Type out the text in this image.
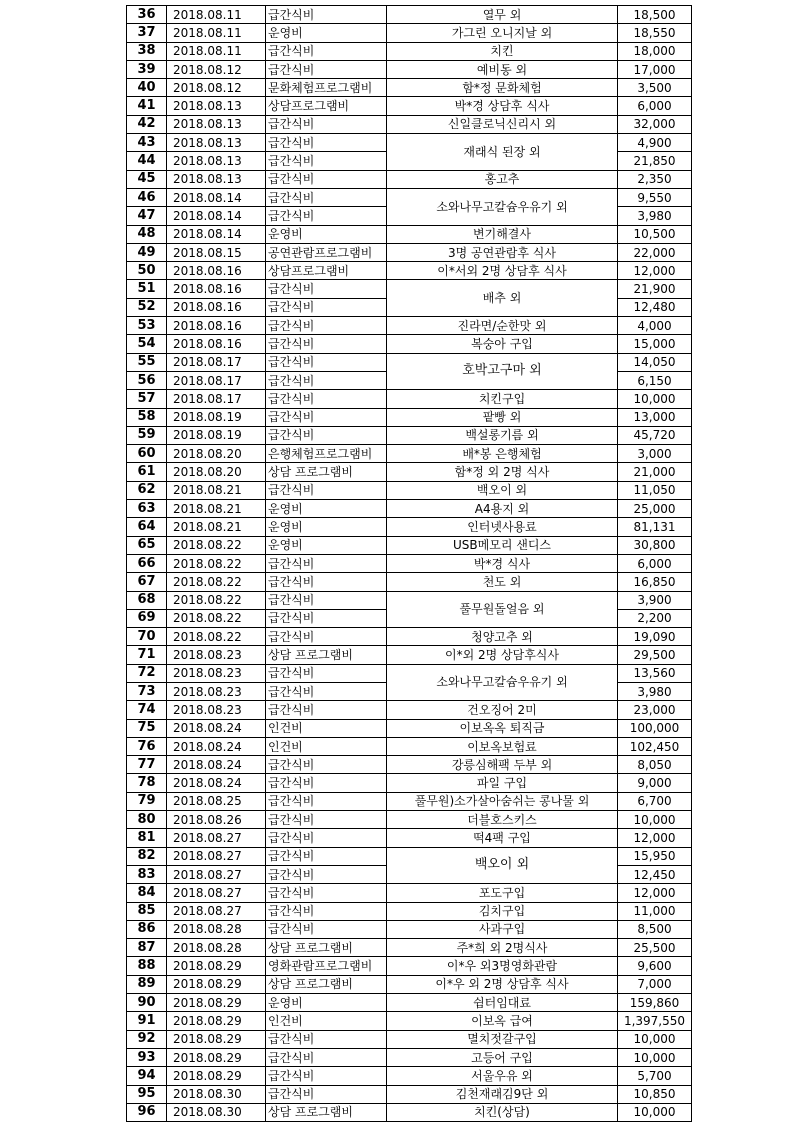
36	2018.08.11	급간식비	열무 외	18,500
37	2018.08.11	운영비	가그린 오니지날 외	18,550
38	2018.08.11	급간식비	치킨	18,000
39	2018.08.12	급간식비	예비동 외	17,000
40	2018.08.12	문화체험프로그램비	함*정 문화체험	3,500
41	2018.08.13	상담프로그램비	박*경 상담후 식사	6,000
42	2018.08.13	급간식비	신일클로닉신리시 외	32,000
43	2018.08.13	급간식비	재래식 된장 외	4,900
44	2018.08.13	급간식비		21,850
45	2018.08.13	급간식비	홍고추	2,350
46	2018.08.14	급간식비	소와나무고칼슘우유기 외	9,550
47	2018.08.14	급간식비		3,980
48	2018.08.14	운영비	변기해결사	10,500
49	2018.08.15	공연관람프로그램비	3명 공연관람후 식사	22,000
50	2018.08.16	상담프로그램비	이*서외 2명 상담후 식사	12,000
51	2018.08.16	급간식비	배추 외	21,900
52	2018.08.16	급간식비		12,480
53	2018.08.16	급간식비	진라면/순한맛 외	4,000
54	2018.08.16	급간식비	복숭아 구입	15,000
55	2018.08.17	급간식비	호박고구마 외	14,050
56	2018.08.17	급간식비		6,150
57	2018.08.17	급간식비	치킨구입	10,000
58	2018.08.19	급간식비	팥빵 외	13,000
59	2018.08.19	급간식비	백설롱기름 외	45,720
60	2018.08.20	은행체험프로그램비	배*봉 은행체험	3,000
61	2018.08.20	상담 프로그램비	함*정 외 2명 식사	21,000
62	2018.08.21	급간식비	백오이 외	11,050
63	2018.08.21	운영비	A4용지 외	25,000
64	2018.08.21	운영비	인터넷사용료	81,131
65	2018.08.22	운영비	USB메모리 샌디스	30,800
66	2018.08.22	급간식비	박*경 식사	6,000
67	2018.08.22	급간식비	천도 외	16,850
68	2018.08.22	급간식비	풀무원돌얼음 외	3,900
69	2018.08.22	급간식비		2,200
70	2018.08.22	급간식비	청양고추 외	19,090
71	2018.08.23	상담 프로그램비	이*외 2명 상담후식사	29,500
72	2018.08.23	급간식비	소와나무고칼슘우유기 외	13,560
73	2018.08.23	급간식비		3,980
74	2018.08.23	급간식비	건오징어 2미	23,000
75	2018.08.24	인건비	이보옥옥 퇴직금	100,000
76	2018.08.24	인건비	이보옥보험료	102,450
77	2018.08.24	급간식비	강릉심해팩 두부 외	8,050
78	2018.08.24	급간식비	파일 구입	9,000
79	2018.08.25	급간식비	풀무원)소가살아숨쉬는 콩나물 외	6,700
80	2018.08.26	급간식비	더블호스키스	10,000
81	2018.08.27	급간식비	떡4팩 구입	12,000
82	2018.08.27	급간식비	백오이 외	15,950
83	2018.08.27	급간식비		12,450
84	2018.08.27	급간식비	포도구입	12,000
85	2018.08.27	급간식비	김치구입	11,000
86	2018.08.28	급간식비	사과구입	8,500
87	2018.08.28	상담 프로그램비	주*희 외 2명식사	25,500
88	2018.08.29	영화관람프로그램비	이*우 외3명영화관람	9,600
89	2018.08.29	상담 프로그램비	이*우 외 2명 상담후 식사	7,000
90	2018.08.29	운영비	쉼터임대료	159,860
91	2018.08.29	인건비	이보옥 급여	1,397,550
92	2018.08.29	급간식비	멸치젓갈구입	10,000
93	2018.08.29	급간식비	고등어 구입	10,000
94	2018.08.29	급간식비	서울우유 외	5,700
95	2018.08.30	급간식비	김천재래김9단 외	10,850
96	2018.08.30	상담 프로그램비	치킨(상담)	10,000
